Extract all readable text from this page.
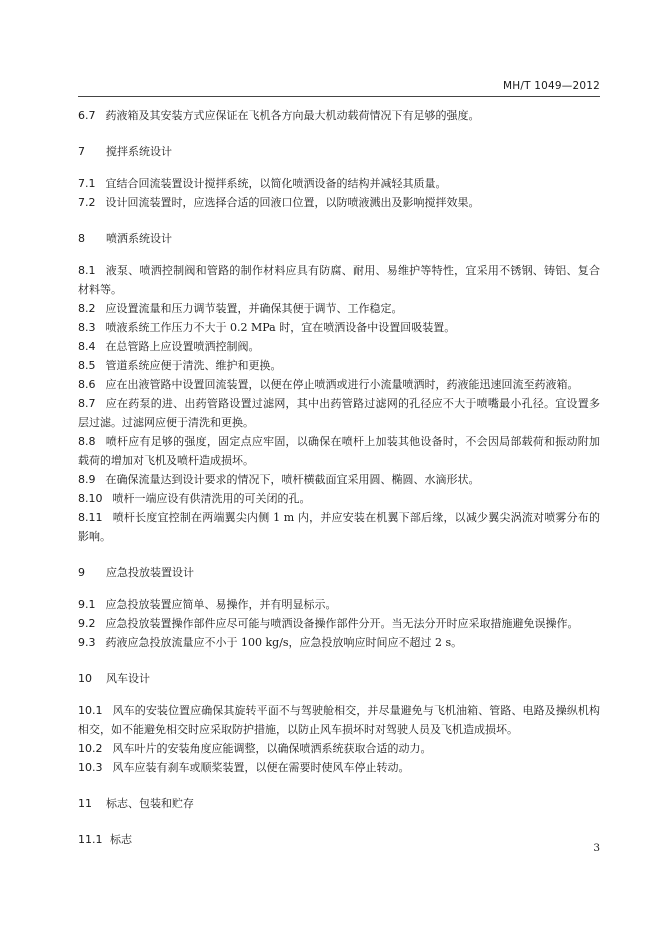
MH/T 1049—2012
6.7 药液箱及其安装方式应保证在飞机各方向最大机动载荷情况下有足够的强度。
7 搅拌系统设计
7.1 宜结合回流装置设计搅拌系统，以简化喷洒设备的结构并减轻其质量。
7.2 设计回流装置时，应选择合适的回液口位置，以防喷液溅出及影响搅拌效果。
8 喷洒系统设计
8.1 液泵、喷洒控制阀和管路的制作材料应具有防腐、耐用、易维护等特性，宜采用不锈钢、铸铝、复合材料等。
8.2 应设置流量和压力调节装置，并确保其便于调节、工作稳定。
8.3 喷液系统工作压力不大于 0.2 MPa 时，宜在喷洒设备中设置回吸装置。
8.4 在总管路上应设置喷洒控制阀。
8.5 管道系统应便于清洗、维护和更换。
8.6 应在出液管路中设置回流装置，以便在停止喷洒或进行小流量喷洒时，药液能迅速回流至药液箱。
8.7 应在药泵的进、出药管路设置过滤网，其中出药管路过滤网的孔径应不大于喷嘴最小孔径。宜设置多层过滤。过滤网应便于清洗和更换。
8.8 喷杆应有足够的强度，固定点应牢固，以确保在喷杆上加装其他设备时，不会因局部载荷和振动附加载荷的增加对飞机及喷杆造成损坏。
8.9 在确保流量达到设计要求的情况下，喷杆横截面宜采用圆、椭圆、水滴形状。
8.10 喷杆一端应设有供清洗用的可关闭的孔。
8.11 喷杆长度宜控制在两端翼尖内侧 1 m 内，并应安装在机翼下部后缘，以减少翼尖涡流对喷雾分布的影响。
9 应急投放装置设计
9.1 应急投放装置应简单、易操作，并有明显标示。
9.2 应急投放装置操作部件应尽可能与喷洒设备操作部件分开。当无法分开时应采取措施避免误操作。
9.3 药液应急投放流量应不小于 100 kg/s，应急投放响应时间应不超过 2 s。
10 风车设计
10.1 风车的安装位置应确保其旋转平面不与驾驶舱相交，并尽量避免与飞机油箱、管路、电路及操纵机构相交，如不能避免相交时应采取防护措施，以防止风车损坏时对驾驶人员及飞机造成损坏。
10.2 风车叶片的安装角度应能调整，以确保喷洒系统获取合适的动力。
10.3 风车应装有刹车或顺桨装置，以便在需要时使风车停止转动。
11 标志、包装和贮存
11.1 标志
3
